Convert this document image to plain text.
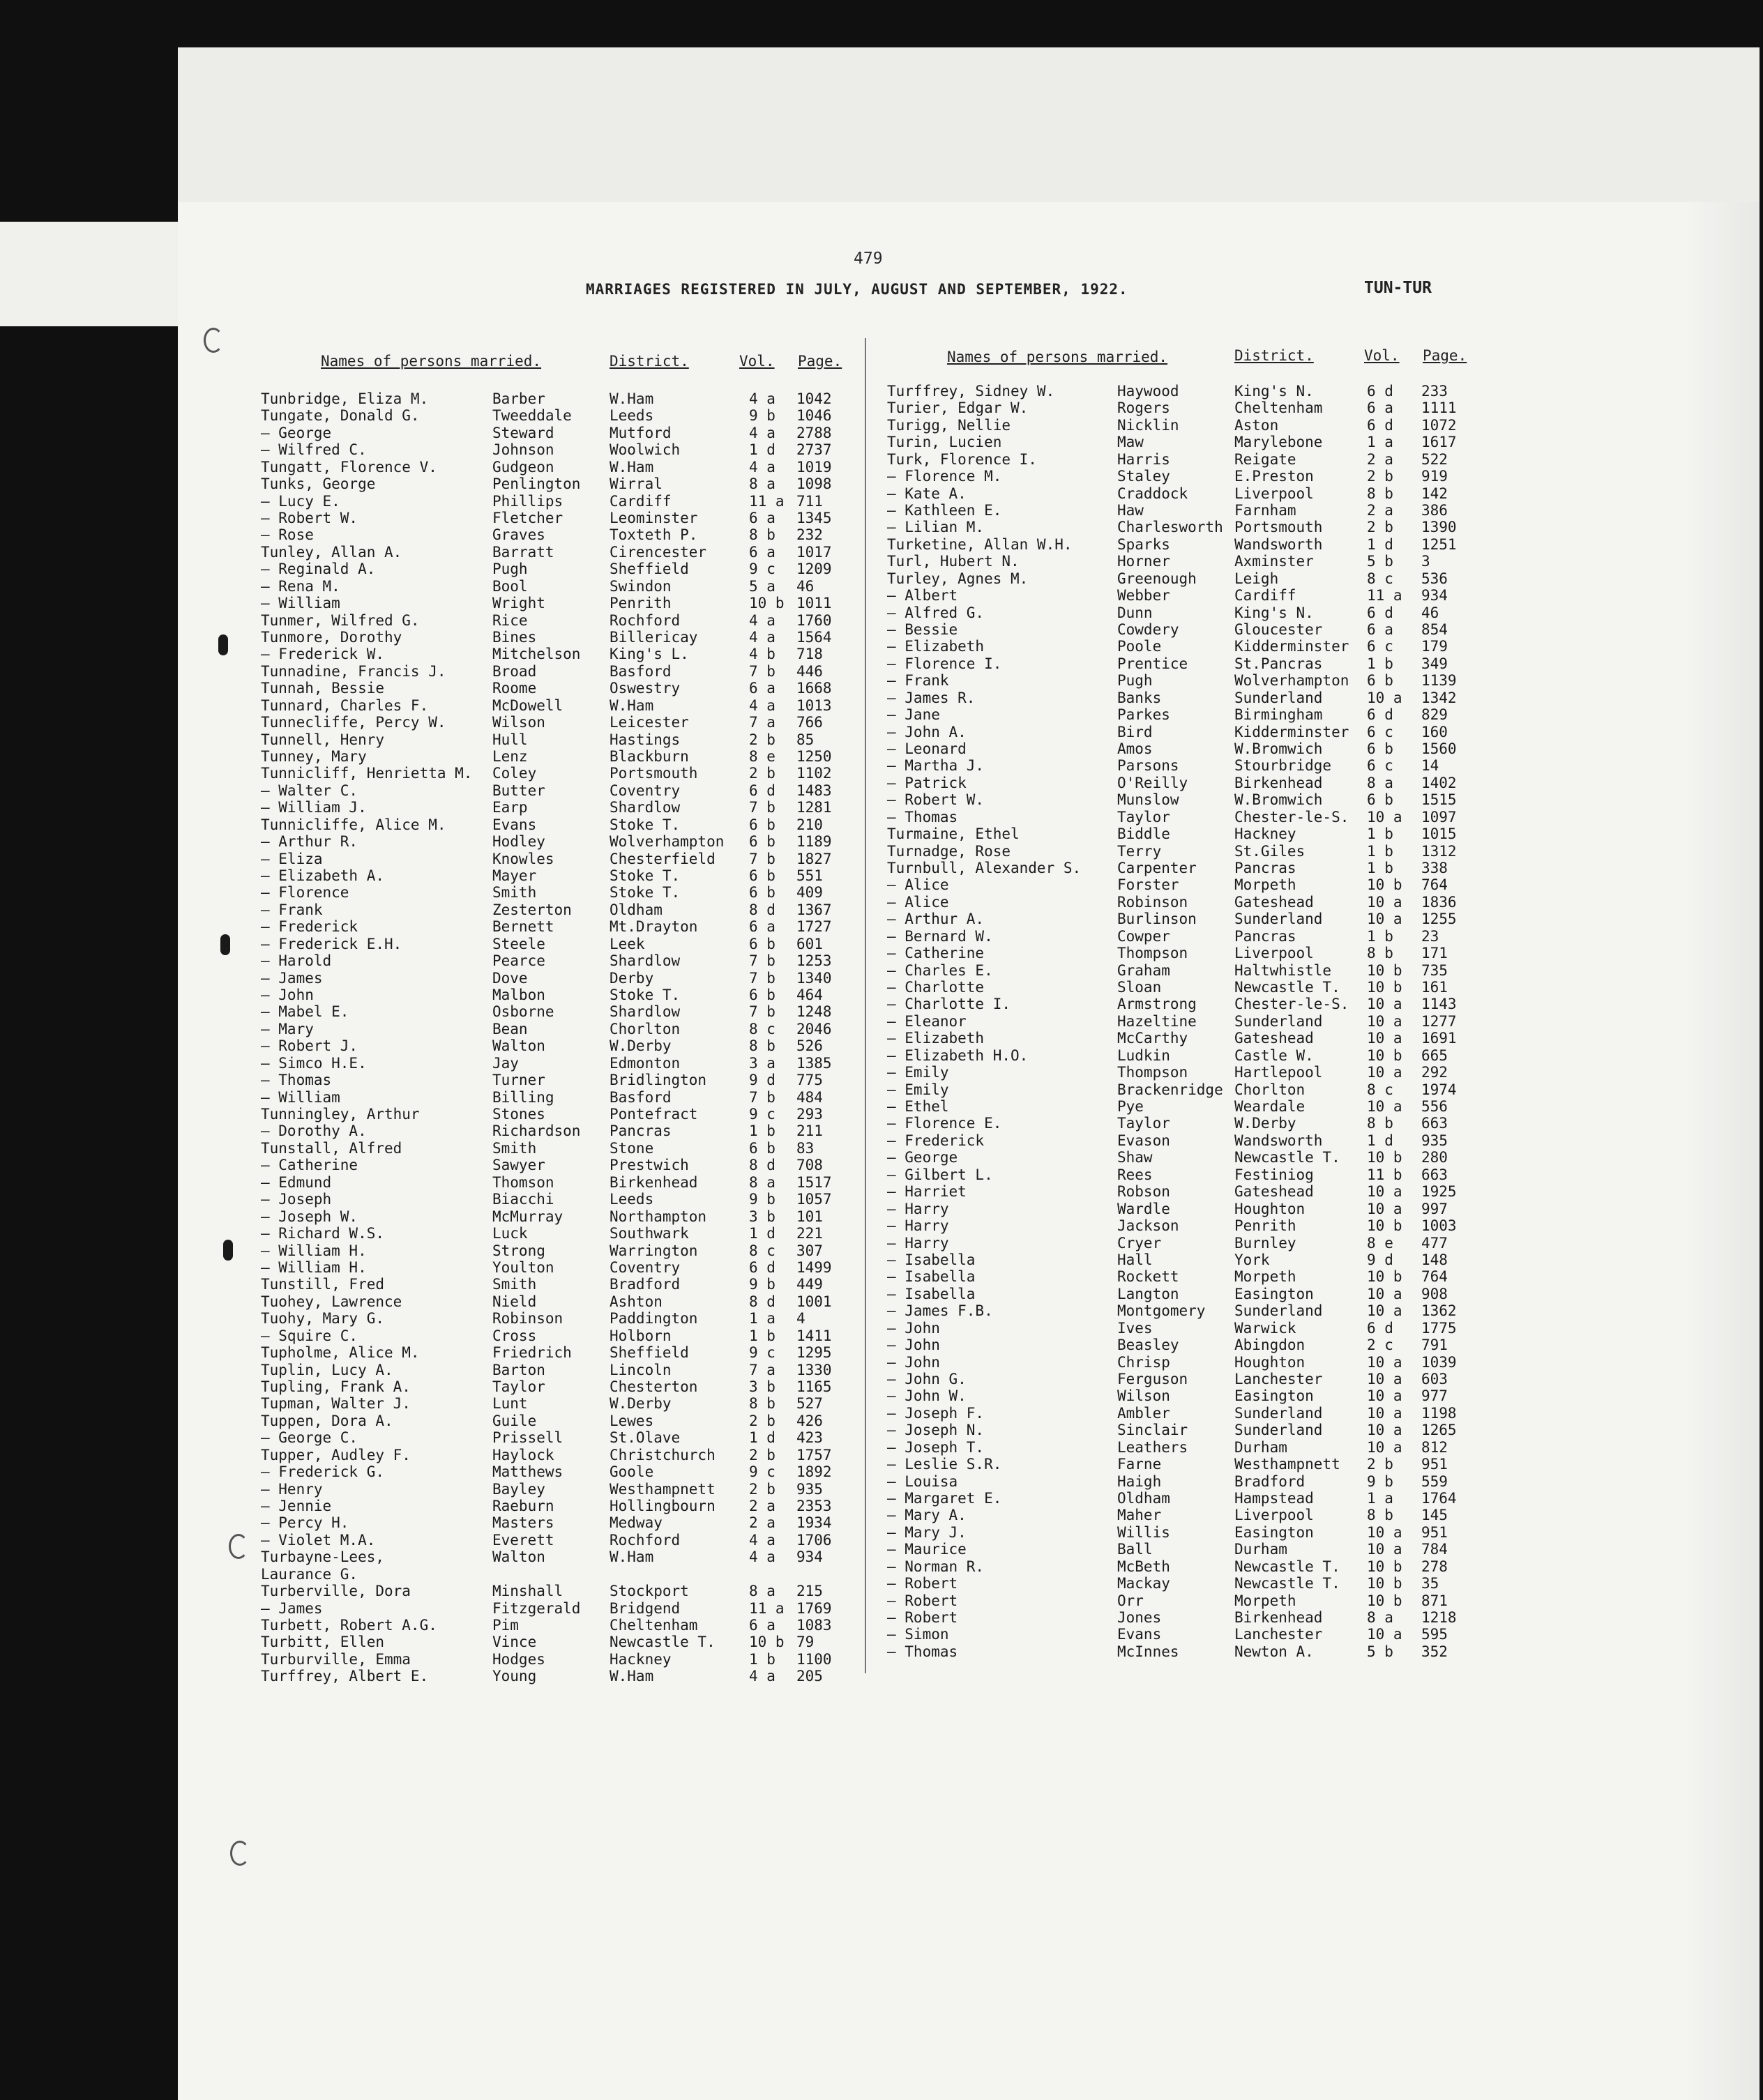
479
MARRIAGES REGISTERED IN JULY, AUGUST AND SEPTEMBER, 1922.	TUN-TUR
Names of persons married.	District.	Vol. Page.	Names of persons married.	District.	Vol. Page.
Tunbridge, Eliza M.	Barber	W.Ham	4 a 1042
Tungate, Donald G.	Tweeddale	Leeds	9 b 1046
— George	Steward	Mutford	4 a 2788
— Wilfred C.	Johnson	Woolwich	1 d 2737
Tungatt, Florence V.	Gudgeon	W.Ham	4 a 1019
Tunks, George	Penlington Wirral	8 a 1098
— Lucy E.	Phillips	Cardiff	11 a 711
— Robert W.	Fletcher	Leominster	6 a 1345
— Rose	Graves	Toxteth P.	8 b 232
Tunley, Allan A.	Barratt	Cirencester	6 a 1017
— Reginald A.	Pugh	Sheffield	9 c 1209
— Rena M.	Bool	Swindon	5 a 46
— William	Wright	Penrith	10 b 1011
Tunmer, Wilfred G.	Rice	Rochford	4 a 1760
Tunmore, Dorothy	Bines	Billericay	4 a 1564
— Frederick W.	Mitchelson King's L.	4 b 718
Tunnadine, Francis J.	Broad	Basford	7 b 446
Tunnah, Bessie	Roome	Oswestry	6 a 1668
Tunnard, Charles F.	McDowell	W.Ham	4 a 1013
Tunnecliffe, Percy W.	Wilson	Leicester	7 a 766
Tunnell, Henry	Hull	Hastings	2 b 85
Tunney, Mary	Lenz	Blackburn	8 e 1250
Tunnicliff, Henrietta M. Coley	Portsmouth	2 b 1102
— Walter C.	Butter	Coventry	6 d 1483
— William J.	Earp	Shardlow	7 b 1281
Tunnicliffe, Alice M.	Evans	Stoke T.	6 b 210
— Arthur R.	Hodley	Wolverhampton 6 b 1189
— Eliza	Knowles	Chesterfield 7 b 1827
— Elizabeth A.	Mayer	Stoke T.	6 b 551
— Florence	Smith	Stoke T.	6 b 409
— Frank	Zesterton	Oldham	8 d 1367
— Frederick	Bernett	Mt.Drayton	6 a 1727
— Frederick E.H.	Steele	Leek	6 b 601
— Harold	Pearce	Shardlow	7 b 1253
— James	Dove	Derby	7 b 1340
— John	Malbon	Stoke T.	6 b 464
— Mabel E.	Osborne	Shardlow	7 b 1248
— Mary	Bean	Chorlton	8 c 2046
— Robert J.	Walton	W.Derby	8 b 526
— Simco H.E.	Jay	Edmonton	3 a 1385
— Thomas	Turner	Bridlington	9 d 775
— William	Billing	Basford	7 b 484
Tunningley, Arthur	Stones	Pontefract	9 c 293
— Dorothy A.	Richardson Pancras	1 b 211
Tunstall, Alfred	Smith	Stone	6 b 83
— Catherine	Sawyer	Prestwich	8 d 708
— Edmund	Thomson	Birkenhead	8 a 1517
— Joseph	Biacchi	Leeds	9 b 1057
— Joseph W.	McMurray	Northampton	3 b 101
— Richard W.S.	Luck	Southwark	1 d 221
— William H.	Strong	Warrington	8 c 307
— William H.	Youlton	Coventry	6 d 1499
Tunstill, Fred	Smith	Bradford	9 b 449
Tuohey, Lawrence	Nield	Ashton	8 d 1001
Tuohy, Mary G.	Robinson	Paddington	1 a 4
— Squire C.	Cross	Holborn	1 b 1411
Tupholme, Alice M.	Friedrich	Sheffield	9 c 1295
Tuplin, Lucy A.	Barton	Lincoln	7 a 1330
Tupling, Frank A.	Taylor	Chesterton	3 b 1165
Tupman, Walter J.	Lunt	W.Derby	8 b 527
Tuppen, Dora A.	Guile	Lewes	2 b 426
— George C.	Prissell	St.Olave	1 d 423
Tupper, Audley F.	Haylock	Christchurch 2 b 1757
— Frederick G.	Matthews	Goole	9 c 1892
— Henry	Bayley	Westhampnett 2 b 935
— Jennie	Raeburn	Hollingbourn 2 a 2353
— Percy H.	Masters	Medway	2 a 1934
— Violet M.A.	Everett	Rochford	4 a 1706
Turbayne-Lees,	Walton	W.Ham	4 a 934
Laurance G.
Turberville, Dora	Minshall	Stockport	8 a 215
— James	Fitzgerald Bridgend	11 a 1769
Turbett, Robert A.G.	Pim	Cheltenham	6 a 1083
Turbitt, Ellen	Vince	Newcastle T. 10 b 79
Turburville, Emma	Hodges	Hackney	1 b 1100
Turffrey, Albert E.	Young	W.Ham	4 a 205
Turffrey, Sidney W.	Haywood	King's N.	6 d 233
Turier, Edgar W.	Rogers	Cheltenham	6 a 1111
Turigg, Nellie	Nicklin	Aston	6 d 1072
Turin, Lucien	Maw	Marylebone	1 a 1617
Turk, Florence I.	Harris	Reigate	2 a 522
— Florence M.	Staley	E.Preston	2 b 919
— Kate A.	Craddock	Liverpool	8 b 142
— Kathleen E.	Haw	Farnham	2 a 386
— Lilian M.	Charlesworth Portsmouth	2 b 1390
Turketine, Allan W.H.	Sparks	Wandsworth	1 d 1251
Turl, Hubert N.	Horner	Axminster	5 b 3
Turley, Agnes M.	Greenough	Leigh	8 c 536
— Albert	Webber	Cardiff	11 a 934
— Alfred G.	Dunn	King's N.	6 d 46
— Bessie	Cowdery	Gloucester	6 a 854
— Elizabeth	Poole	Kidderminster 6 c 179
— Florence I.	Prentice	St.Pancras	1 b 349
— Frank	Pugh	Wolverhampton 6 b 1139
— James R.	Banks	Sunderland	10 a 1342
— Jane	Parkes	Birmingham	6 d 829
— John A.	Bird	Kidderminster 6 c 160
— Leonard	Amos	W.Bromwich	6 b 1560
— Martha J.	Parsons	Stourbridge 6 c 14
— Patrick	O'Reilly	Birkenhead	8 a 1402
— Robert W.	Munslow	W.Bromwich	6 b 1515
— Thomas	Taylor	Chester-le-S. 10 a 1097
Turmaine, Ethel	Biddle	Hackney	1 b 1015
Turnadge, Rose	Terry	St.Giles	1 b 1312
Turnbull, Alexander S. Carpenter	Pancras	1 b 338
— Alice	Forster	Morpeth	10 b 764
— Alice	Robinson	Gateshead	10 a 1836
— Arthur A.	Burlinson	Sunderland	10 a 1255
— Bernard W.	Cowper	Pancras	1 b 23
— Catherine	Thompson	Liverpool	8 b 171
— Charles E.	Graham	Haltwhistle 10 b 735
— Charlotte	Sloan	Newcastle T. 10 b 161
— Charlotte I.	Armstrong	Chester-le-S. 10 a 1143
— Eleanor	Hazeltine	Sunderland	10 a 1277
— Elizabeth	McCarthy	Gateshead	10 a 1691
— Elizabeth H.O.	Ludkin	Castle W.	10 b 665
— Emily	Thompson	Hartlepool	10 a 292
— Emily	Brackenridge Chorlton	8 c 1974
— Ethel	Pye	Weardale	10 a 556
— Florence E.	Taylor	W.Derby	8 b 663
— Frederick	Evason	Wandsworth	1 d 935
— George	Shaw	Newcastle T. 10 b 280
— Gilbert L.	Rees	Festiniog	11 b 663
— Harriet	Robson	Gateshead	10 a 1925
— Harry	Wardle	Houghton	10 a 997
— Harry	Jackson	Penrith	10 b 1003
— Harry	Cryer	Burnley	8 e 477
— Isabella	Hall	York	9 d 148
— Isabella	Rockett	Morpeth	10 b 764
— Isabella	Langton	Easington	10 a 908
— James F.B.	Montgomery Sunderland	10 a 1362
— John	Ives	Warwick	6 d 1775
— John	Beasley	Abingdon	2 c 791
— John	Chrisp	Houghton	10 a 1039
— John G.	Ferguson	Lanchester	10 a 603
— John W.	Wilson	Easington	10 a 977
— Joseph F.	Ambler	Sunderland	10 a 1198
— Joseph N.	Sinclair	Sunderland	10 a 1265
— Joseph T.	Leathers	Durham	10 a 812
— Leslie S.R.	Farne	Westhampnett 2 b 951
— Louisa	Haigh	Bradford	9 b 559
— Margaret E.	Oldham	Hampstead	1 a 1764
— Mary A.	Maher	Liverpool	8 b 145
— Mary J.	Willis	Easington	10 a 951
— Maurice	Ball	Durham	10 a 784
— Norman R.	McBeth	Newcastle T. 10 b 278
— Robert	Mackay	Newcastle T. 10 b 35
— Robert	Orr	Morpeth	10 b 871
— Robert	Jones	Birkenhead	8 a 1218
— Simon	Evans	Lanchester	10 a 595
— Thomas	McInnes	Newton A.	5 b 352
